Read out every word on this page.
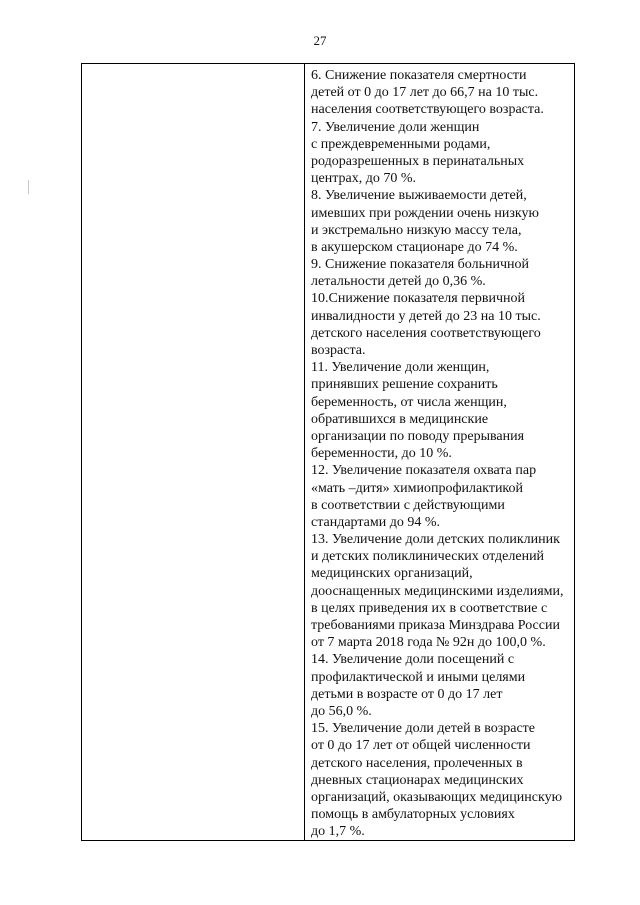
27
6. Снижение показателя смертности
детей от 0 до 17 лет до 66,7 на 10 тыс.
населения соответствующего возраста.
7. Увеличение доли женщин
с преждевременными родами,
родоразрешенных в перинатальных
центрах, до 70 %.
8. Увеличение выживаемости детей,
имевших при рождении очень низкую
и экстремально низкую массу тела,
в акушерском стационаре до 74 %.
9. Снижение показателя больничной
летальности детей до 0,36 %.
10.Снижение показателя первичной
инвалидности у детей до 23 на 10 тыс.
детского населения соответствующего
возраста.
11. Увеличение доли женщин,
принявших решение сохранить
беременность, от числа женщин,
обратившихся в медицинские
организации по поводу прерывания
беременности, до 10 %.
12. Увеличение показателя охвата пар
«мать –дитя» химиопрофилактикой
в соответствии с действующими
стандартами до 94 %.
13. Увеличение доли детских поликлиник
и детских поликлинических отделений
медицинских организаций,
дооснащенных медицинскими изделиями,
в целях приведения их в соответствие с
требованиями приказа Минздрава России
от 7 марта 2018 года № 92н до 100,0 %.
14. Увеличение доли посещений с
профилактической и иными целями
детьми в возрасте от 0 до 17 лет
до 56,0 %.
15. Увеличение доли детей в возрасте
от 0 до 17 лет от общей численности
детского населения, пролеченных в
дневных стационарах медицинских
организаций, оказывающих медицинскую
помощь в амбулаторных условиях
до 1,7 %.
